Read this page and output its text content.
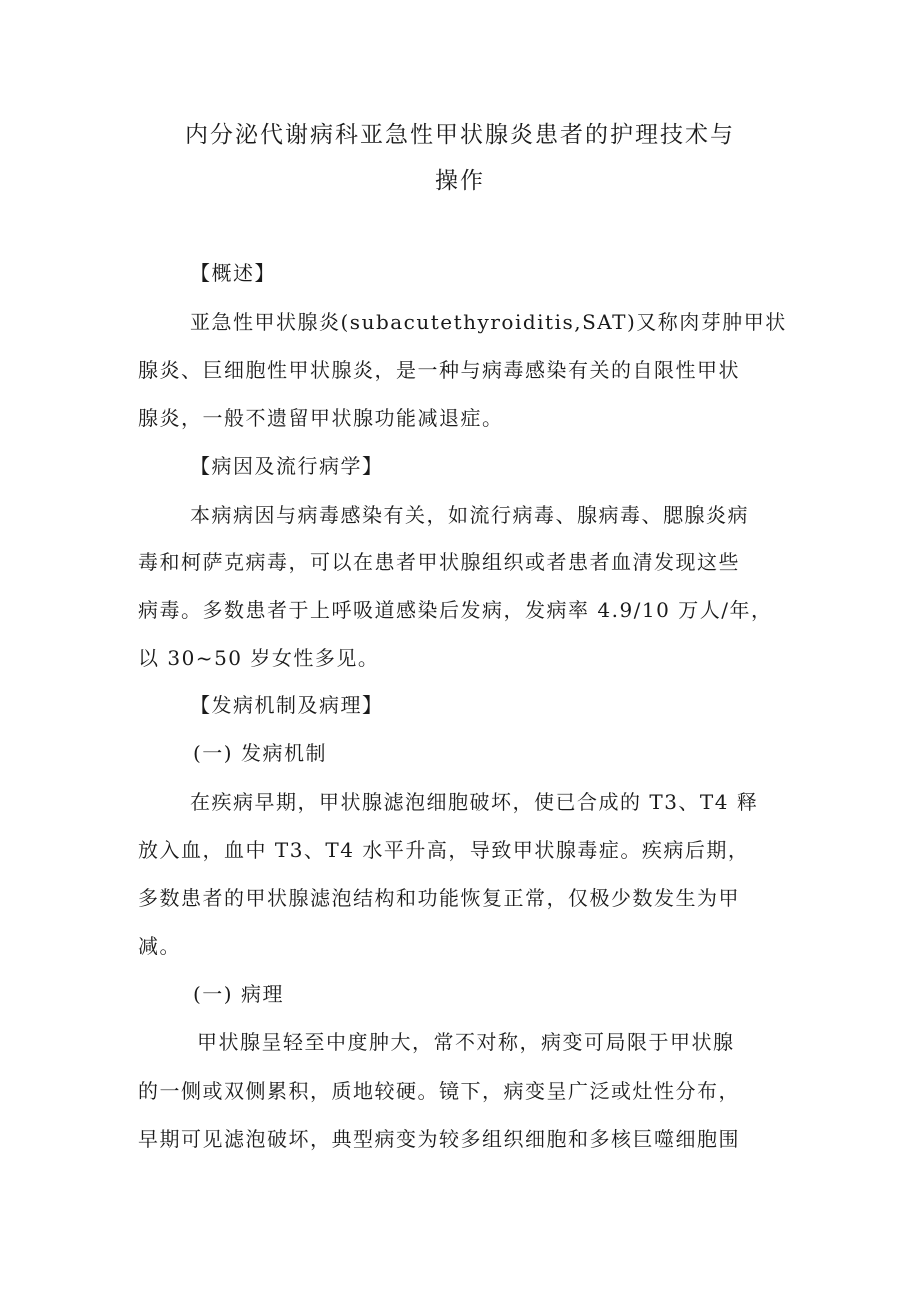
内分泌代谢病科亚急性甲状腺炎患者的护理技术与
操作
【概述】
亚急性甲状腺炎(subacutethyroiditis,SAT)又称肉芽肿甲状
腺炎、巨细胞性甲状腺炎，是一种与病毒感染有关的自限性甲状
腺炎，一般不遗留甲状腺功能减退症。
【病因及流行病学】
本病病因与病毒感染有关，如流行病毒、腺病毒、腮腺炎病
毒和柯萨克病毒，可以在患者甲状腺组织或者患者血清发现这些
病毒。多数患者于上呼吸道感染后发病，发病率 4.9/10 万人/年，
以 30~50 岁女性多见。
【发病机制及病理】
(一) 发病机制
在疾病早期，甲状腺滤泡细胞破坏，使已合成的 T3、T4 释
放入血，血中 T3、T4 水平升高，导致甲状腺毒症。疾病后期，
多数患者的甲状腺滤泡结构和功能恢复正常，仅极少数发生为甲
减。
(一) 病理
甲状腺呈轻至中度肿大，常不对称，病变可局限于甲状腺
的一侧或双侧累积，质地较硬。镜下，病变呈广泛或灶性分布，
早期可见滤泡破坏，典型病变为较多组织细胞和多核巨噬细胞围
